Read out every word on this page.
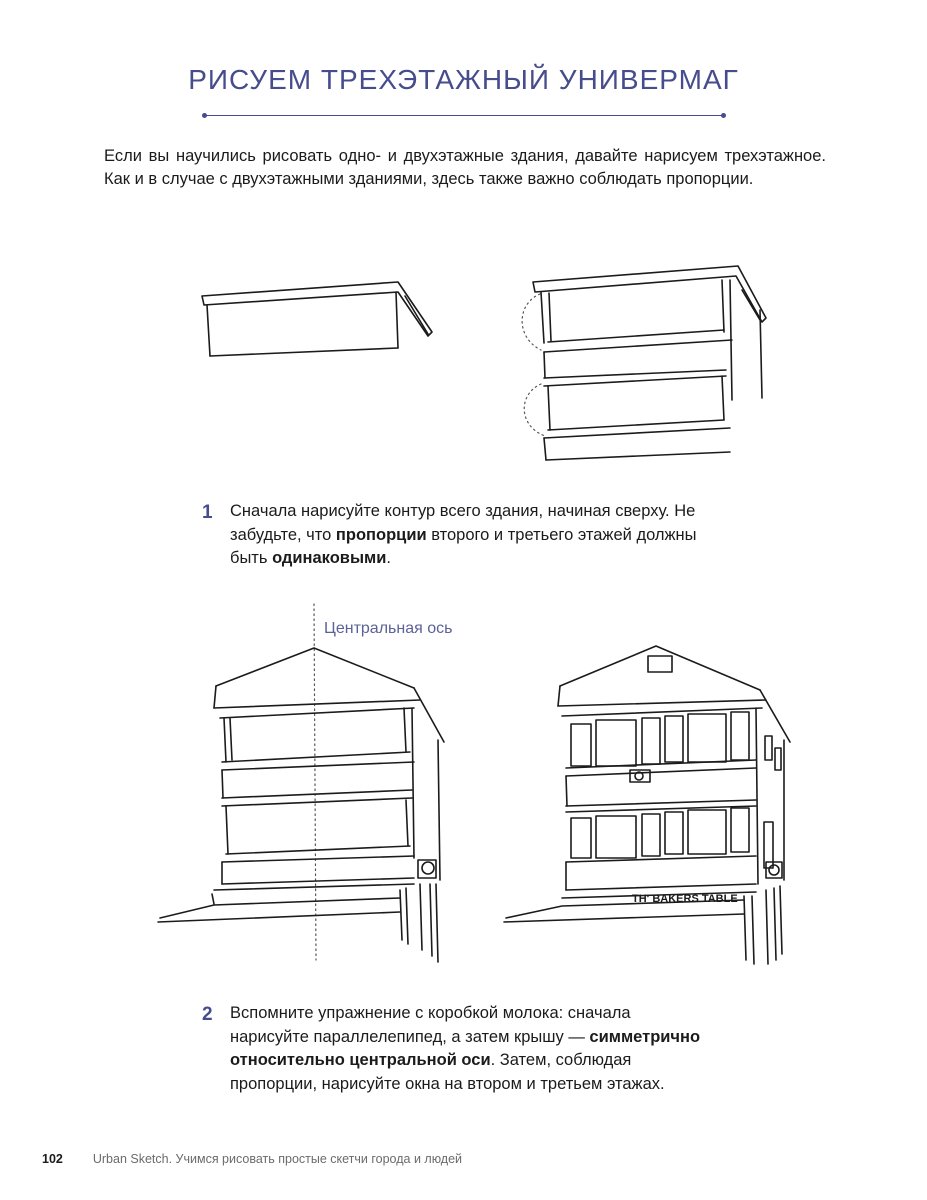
РИСУЕМ ТРЕХЭТАЖНЫЙ УНИВЕРМАГ

Если вы научились рисовать одно- и двухэтажные здания, давайте нарисуем трехэтажное. Как и в случае с двухэтажными зданиями, здесь также важно соблюдать пропорции.

TH' BAKERS TABLE
Центральная ось
1 Сначала нарисуйте контур всего здания, начиная сверху. Не забудьте, что пропорции второго и третьего этажей должны быть одинаковыми.
2 Вспомните упражнение с коробкой молока: сначала нарисуйте параллелепипед, а затем крышу — симметрично относительно центральной оси. Затем, соблюдая пропорции, нарисуйте окна на втором и третьем этажах.
102 Urban Sketch. Учимся рисовать простые скетчи города и людей
